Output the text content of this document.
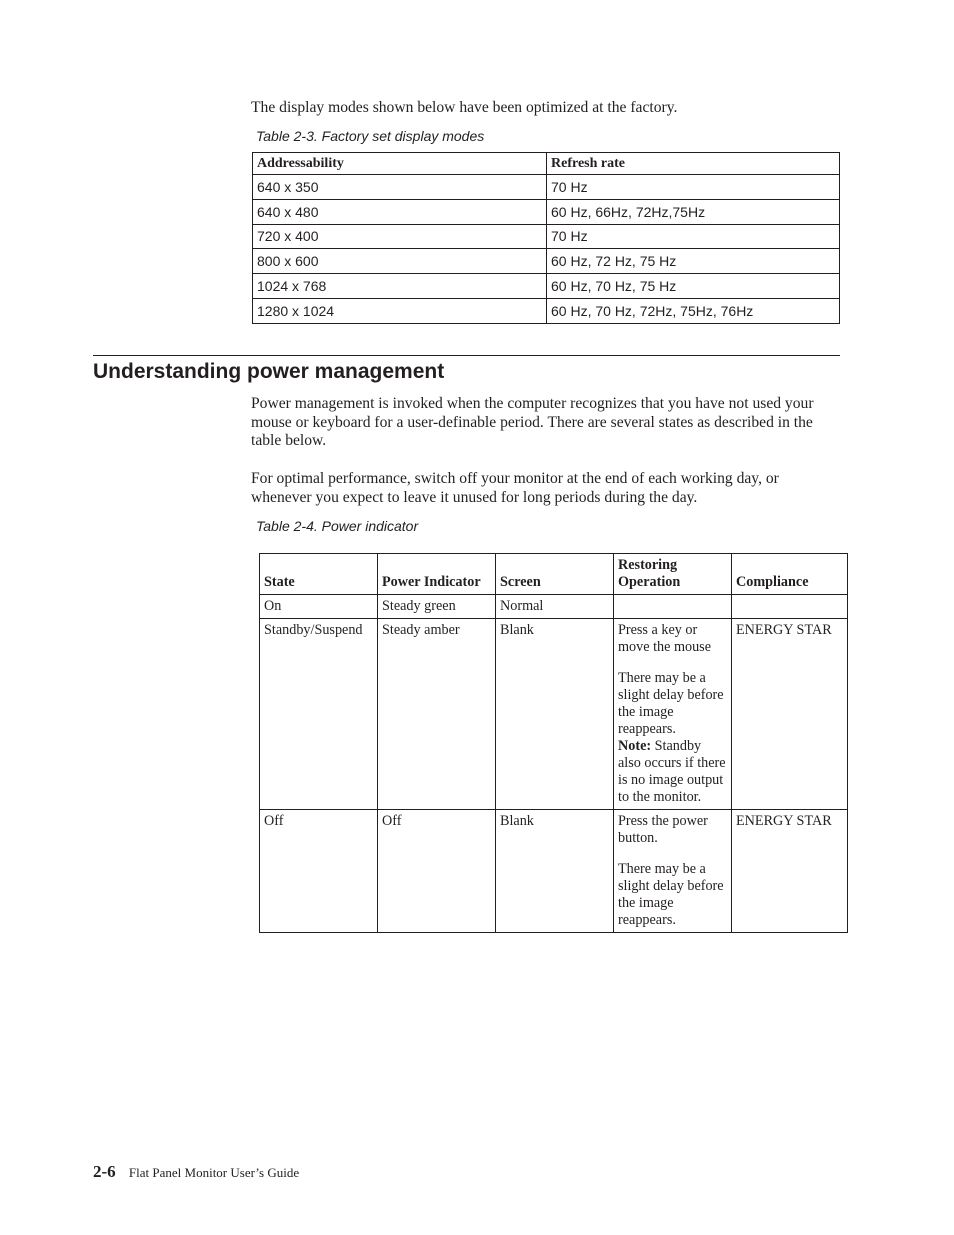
The display modes shown below have been optimized at the factory.

Table 2-3. Factory set display modes

Addressability	Refresh rate
640 x 350	70 Hz
640 x 480	60 Hz, 66Hz, 72Hz,75Hz
720 x 400	70 Hz
800 x 600	60 Hz, 72 Hz, 75 Hz
1024 x 768	60 Hz, 70 Hz, 75 Hz
1280 x 1024	60 Hz, 70 Hz, 72Hz, 75Hz, 76Hz
Understanding power management

Power management is invoked when the computer recognizes that you have not used your mouse or keyboard for a user-definable period. There are several states as described in the table below.

For optimal performance, switch off your monitor at the end of each working day, or whenever you expect to leave it unused for long periods during the day.

Table 2-4. Power indicator

State	Power Indicator	Screen	Restoring Operation	Compliance
On	Steady green	Normal		
Standby/Suspend	Steady amber	Blank	Press a key or move the mouse
There may be a slight delay before the image reappears.
Note: Standby also occurs if there is no image output to the monitor.	ENERGY STAR
Off	Off	Blank	Press the power button.
There may be a slight delay before the image reappears.	ENERGY STAR
2-6 Flat Panel Monitor User’s Guide
